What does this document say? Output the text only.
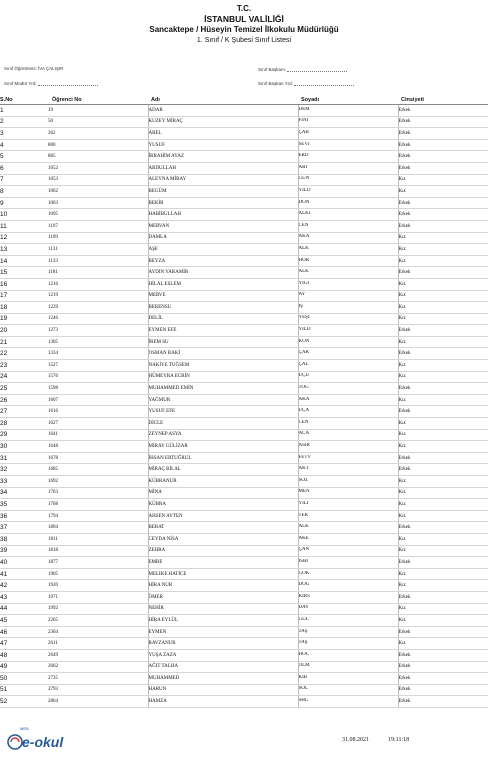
T.C.
İSTANBUL VALİLİĞİ
Sancaktepe / Hüseyin Temizel İlkokulu Müdürlüğü
1. Sınıf / K Şubesi Sınıf Listesi
Sınıf Öğretmeni: İVA ÇALIŞIR	Sınıf Başkanı:
Sınıf Müdür Yrd:	Sınıf Başkan Yrd:
S.No	Öğrenci No	Adı	Soyadı	Cinsiyeti
1	19	ADAR	DEM	Erkek
2	50	KUZEY MİRAÇ	FINI	Erkek
3	362	AREL	ÇAB	Erkek
4	800	YUSUF	SEVİ	Erkek
5	885	İBRAHİM AYAZ	ERD	Erkek
6	1052	ABDULLAH	ARI	Erkek
7	1053	ALEYNA MİRAY	GÜN	Kız
8	1062	BEGÜM	YILD	Kız
9	1063	BEKİR	DÖN	Erkek
10	1095	HABİBULLAH	ALKI	Erkek
11	1107	MERVAN	CEN	Erkek
12	1109	DAMLA	AKA	Kız
13	1131	AŞE	ALK	Kız
14	1133	BEYZA	HOR	Kız
15	1181	AYDIN YARAMİR	ALK	Erkek
16	1216	HİLAL ESLEM	YİĞİ	Kız
17	1219	MERVE	AY	Kız
18	1229	BERENSU	İŞ	Kız
19	1246	DELİL	YEŞİ	Kız
20	1273	EYMEN EFE	YILD	Erkek
21	1305	İREM SU	KON	Kız
22	1334	OSMAN BAKİ	ÇAR	Erkek
23	1527	NAKİYE TUĞSEM	ÇAL	Kız
24	1576	HÜMEYRA ECRİN	UÇU	Kız
25	1598	MUHAMMED EMİN	TOĞ	Erkek
26	1607	YAĞMUR	AKA	Kız
27	1616	YUSUF EFE	UÇA	Erkek
28	1627	DİCLE	CEN	Kız
29	1641	ZEYNEP ASYA	ACA	Kız
30	1648	MİRAY GÜLİZAR	ASİR	Kız
31	1678	İHSAN ERTUĞRUL	FETV	Erkek
32	1685	MİRAÇ BİLAL	AKT	Erkek
33	1692	KÜBRANUR	SÖZ	Kız
34	1763	MİNA	MEN	Kız
35	1768	KÜBRA	YILI	Kız
36	1794	AHSEN AYTEN	TEK	Kız
37	1804	BERAT	ALK	Erkek
38	1811	CEYDA NİSA	AKE	Kız
39	1818	ZEHRA	ÇAN	Kız
40	1877	EMRE	İSBİ	Erkek
41	1905	MELİKE HATİCE	GÖK	Kız
42	1920	HİRA NUR	DOĞ	Kız
43	1971	ÖMER	KIRS	Erkek
44	1992	NEHİR	DAY	Kız
45	2265	HİRA EYLÜL	GÜL	Kız
46	2304	EYMEN	TAŞ	Erkek
47	2611	RAVZANUR	TAŞ	Kız
48	2649	YUŞA ZAZA	HOC	Erkek
49	2662	AĞIT TALHA	ÖLM	Erkek
50	2735	MUHAMMED	KIB	Erkek
51	2793	HARUN	SOL	Erkek
52	2864	HAMZA	SHC	Erkek
MEB
e-okul	31.08.2021	19:11:18
